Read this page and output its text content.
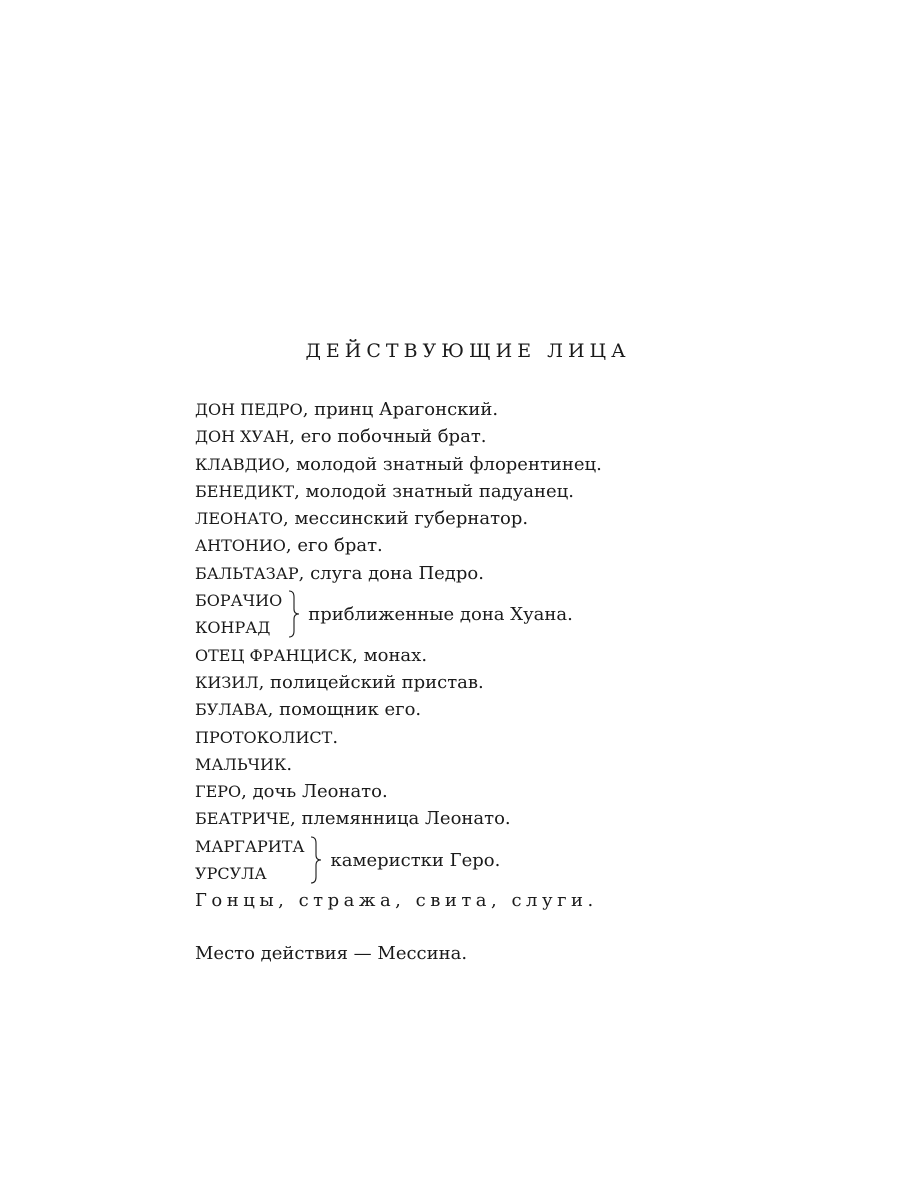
ДЕЙСТВУЮЩИЕ ЛИЦА
ДОН ПЕДРО, принц Арагонский.
ДОН ХУАН, его побочный брат.
КЛАВДИО, молодой знатный флорентинец.
БЕНЕДИКТ, молодой знатный падуанец.
ЛЕОНАТО, мессинский губернатор.
АНТОНИО, его брат.
БАЛЬТАЗАР, слуга дона Педро.
БОРАЧИО
КОНРАД
приближенные дона Хуана.
ОТЕЦ ФРАНЦИСК, монах.
КИЗИЛ, полицейский пристав.
БУЛАВА, помощник его.
ПРОТОКОЛИСТ.
МАЛЬЧИК.
ГЕРО, дочь Леонато.
БЕАТРИЧЕ, племянница Леонато.
МАРГАРИТА
УРСУЛА
камеристки Геро.
Гонцы, стража, свита, слуги.
Место действия — Мессина.
